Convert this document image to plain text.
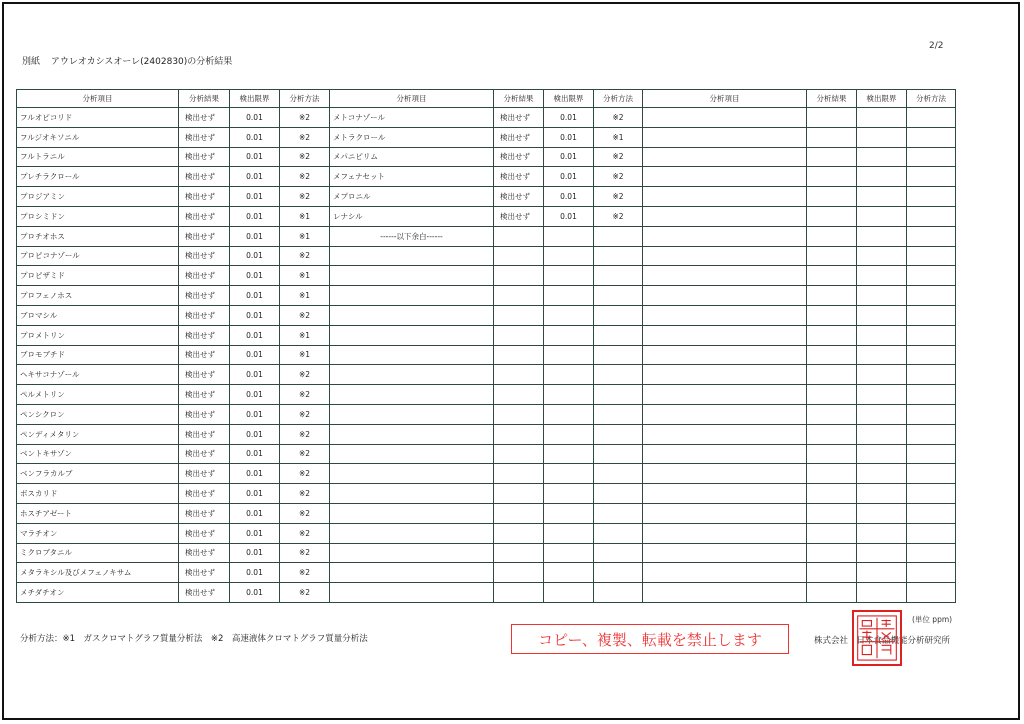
2/2
別紙 アウレオカシスオーレ(2402830)の分析結果
分析項目	分析結果	検出限界	分析方法
フルオピコリド	検出せず	0.01	※2
フルジオキソニル	検出せず	0.01	※2
フルトラニル	検出せず	0.01	※2
プレチラクロール	検出せず	0.01	※2
プロジアミン	検出せず	0.01	※2
プロシミドン	検出せず	0.01	※1
プロチオホス	検出せず	0.01	※1
プロピコナゾール	検出せず	0.01	※2
プロピザミド	検出せず	0.01	※1
プロフェノホス	検出せず	0.01	※1
ブロマシル	検出せず	0.01	※2
プロメトリン	検出せず	0.01	※1
ブロモブチド	検出せず	0.01	※1
ヘキサコナゾール	検出せず	0.01	※2
ペルメトリン	検出せず	0.01	※2
ペンシクロン	検出せず	0.01	※2
ペンディメタリン	検出せず	0.01	※2
ベントキサゾン	検出せず	0.01	※2
ベンフラカルブ	検出せず	0.01	※2
ボスカリド	検出せず	0.01	※2
ホスチアゼート	検出せず	0.01	※2
マラチオン	検出せず	0.01	※2
ミクロブタニル	検出せず	0.01	※2
メタラキシル及びメフェノキサム	検出せず	0.01	※2
メチダチオン	検出せず	0.01	※2
分析項目	分析結果	検出限界	分析方法
メトコナゾール	検出せず	0.01	※2
メトラクロール	検出せず	0.01	※1
メパニピリム	検出せず	0.01	※2
メフェナセット	検出せず	0.01	※2
メプロニル	検出せず	0.01	※2
レナシル	検出せず	0.01	※2
------以下余白------			

分析項目	分析結果	検出限界	分析方法

(単位 ppm)
分析方法：※1　ガスクロマトグラフ質量分析法　※2　高速液体クロマトグラフ質量分析法	コピー、複製、転載を禁止します	株式会社　日本食品機能分析研究所
